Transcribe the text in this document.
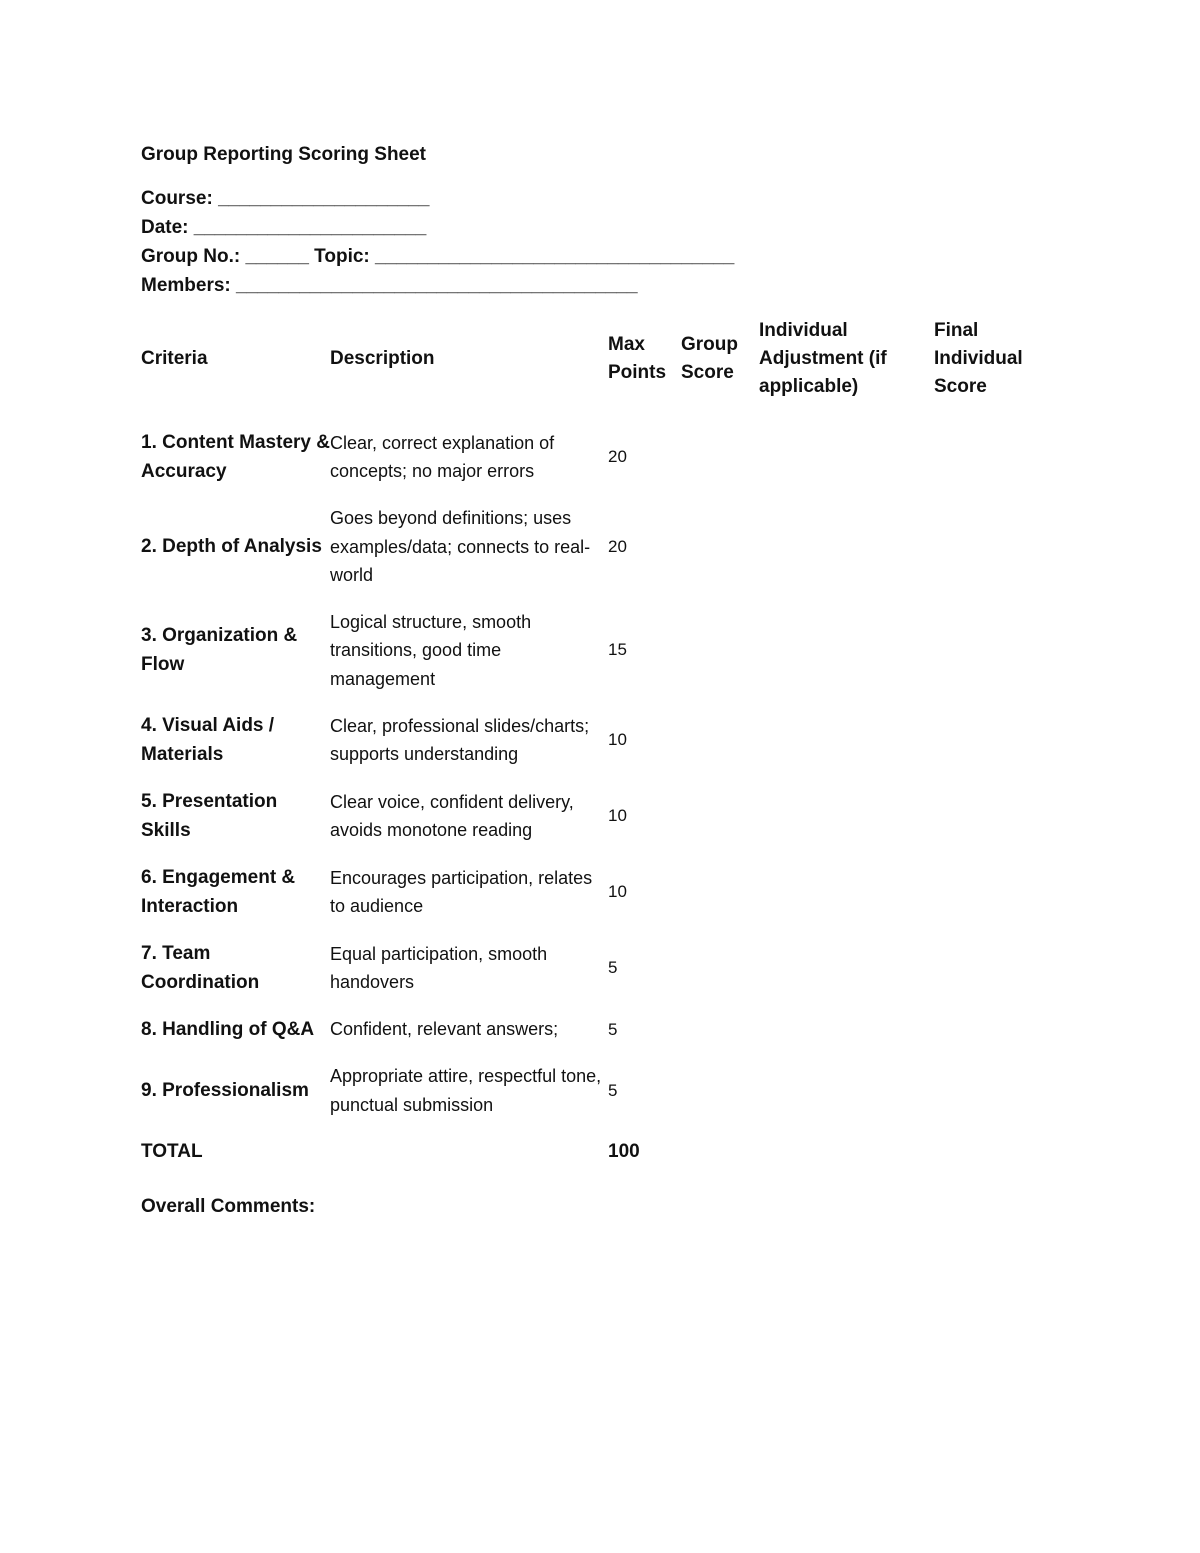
Group Reporting Scoring Sheet
Course: ____________________
Date: ______________________
Group No.: ______ Topic: __________________________________
Members: ______________________________________
Criteria	Description	Max Points	Group Score	Individual Adjustment (if applicable)	Final Individual Score
1. Content Mastery & Accuracy	Clear, correct explanation of concepts; no major errors	20			
2. Depth of Analysis	Goes beyond definitions; uses examples/data; connects to real-world	20			
3. Organization & Flow	Logical structure, smooth transitions, good time management	15			
4. Visual Aids / Materials	Clear, professional slides/charts; supports understanding	10			
5. Presentation Skills	Clear voice, confident delivery, avoids monotone reading	10			
6. Engagement & Interaction	Encourages participation, relates to audience	10			
7. Team Coordination	Equal participation, smooth handovers	5			
8. Handling of Q&A	Confident, relevant answers;	5			
9. Professionalism	Appropriate attire, respectful tone, punctual submission	5			
TOTAL		100			
Overall Comments:
